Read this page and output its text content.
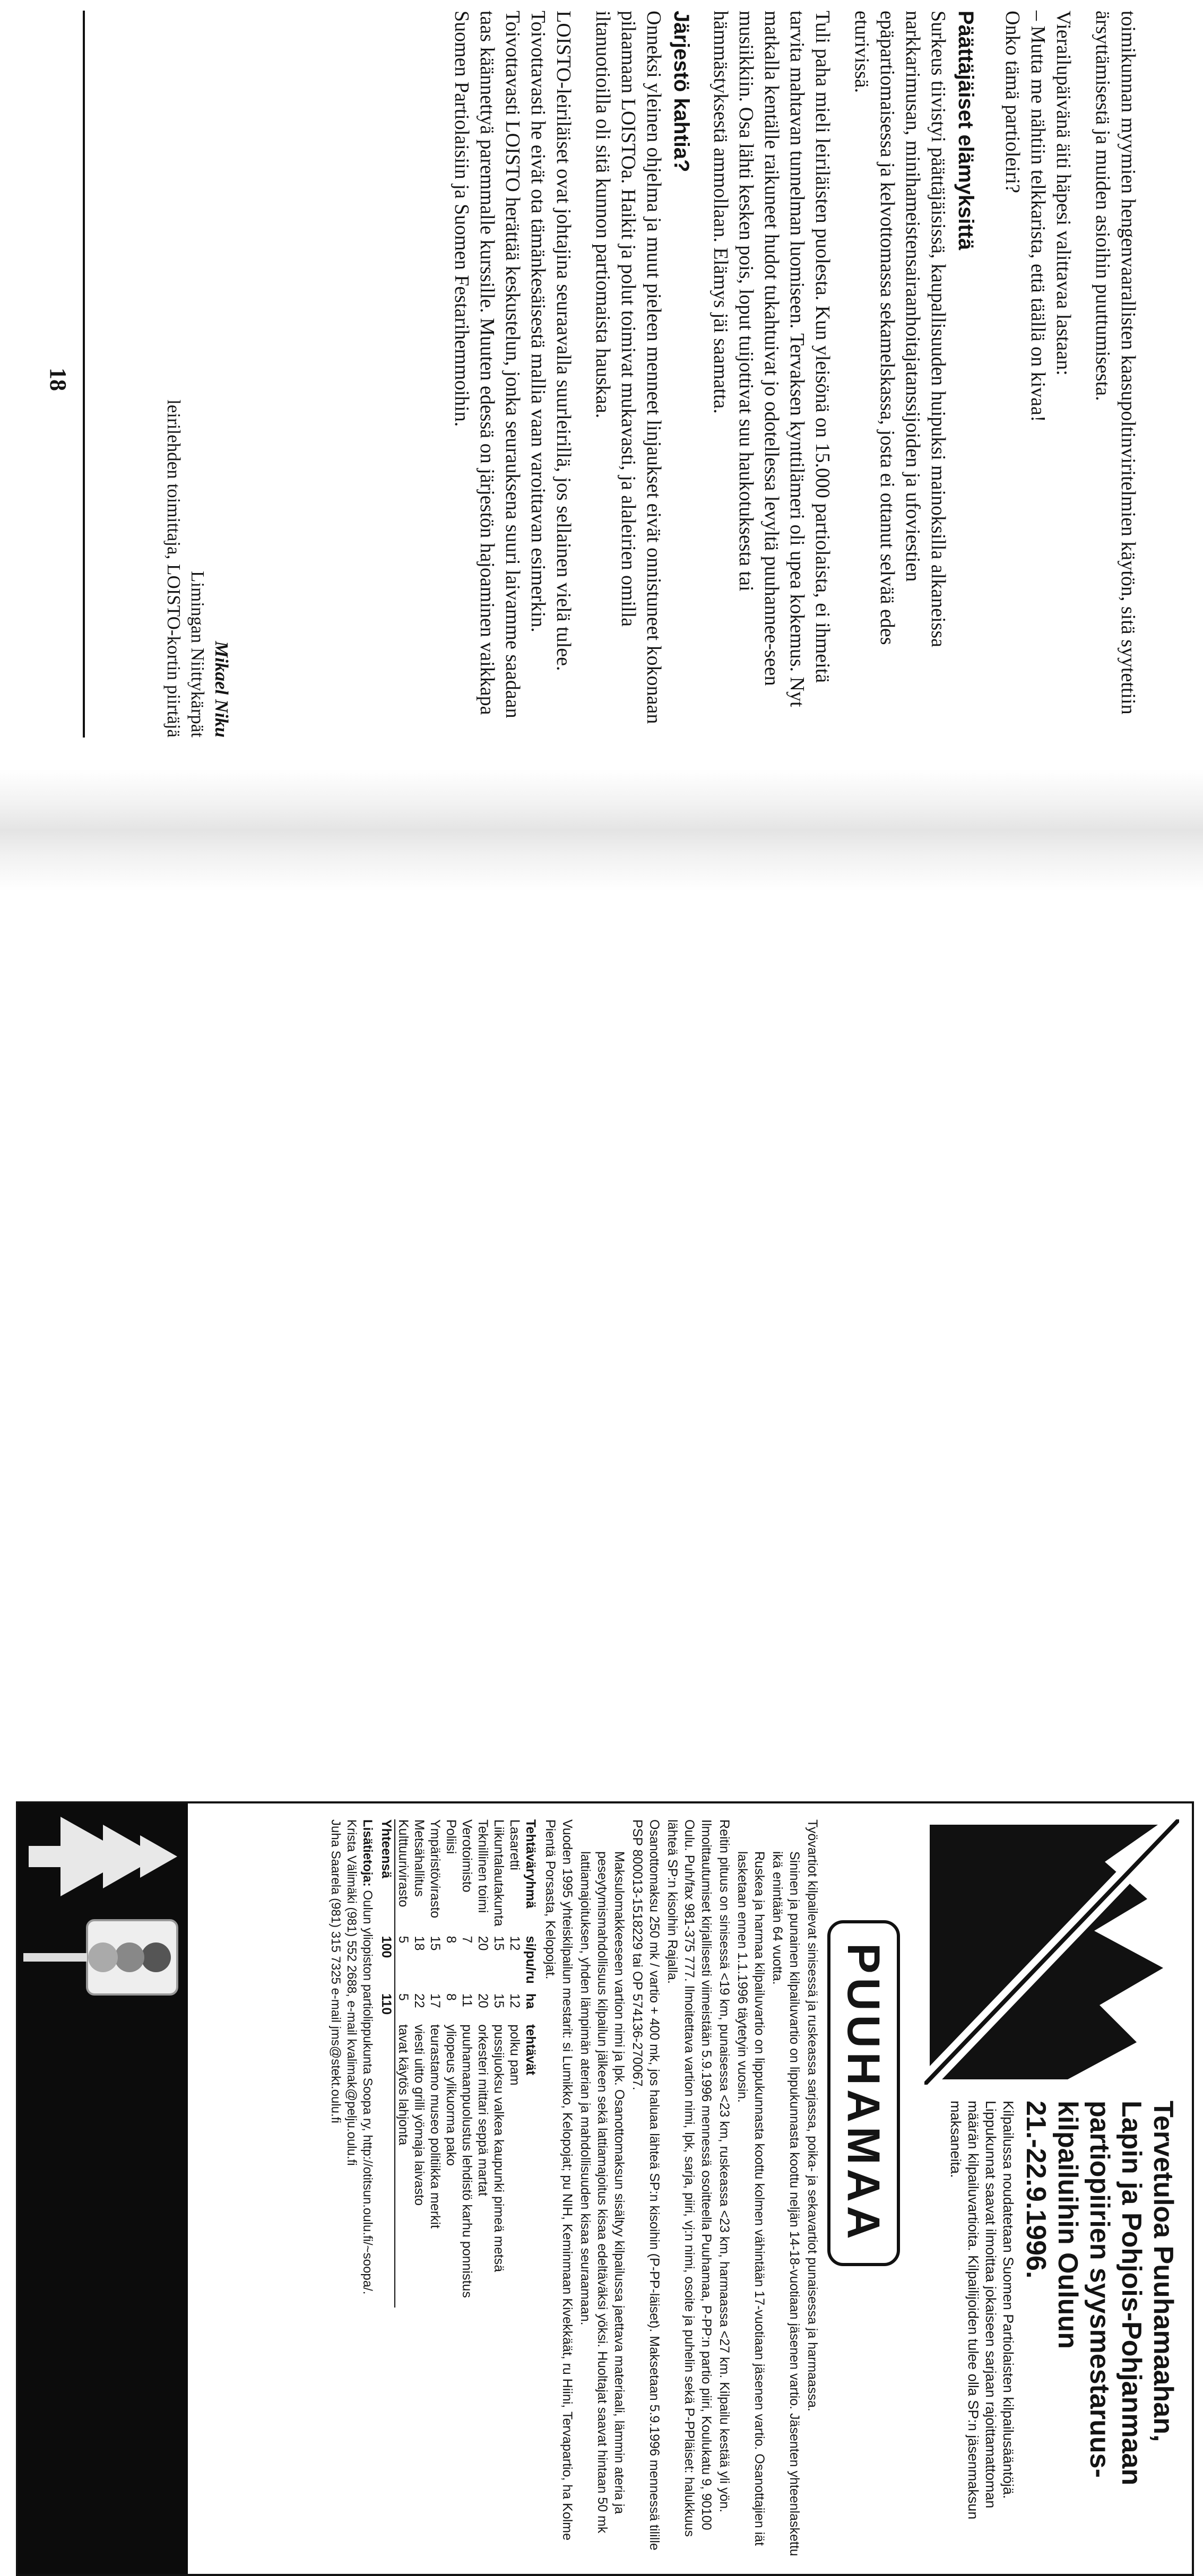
toimikunnan myymien hengenvaarallisten kaasupoltinviritelmien käytön, sitä syytettiin ärsyttämisestä ja muiden asioihin puuttumisesta.

Vierailupäivänä äiti häpesi valittavaa lastaan:

– Mutta me nähtiin telkkarista, että täällä on kivaa!

Onko tämä partioleiri?

Päättäjäiset elämyksittä

Surkeus tiivistyi päättäjäisissä, kaupallisuuden huipuksi mainoksilla alkaneissa narkkarimusan, minihameistensairaanhoitajatanssijoiden ja ufoviestien epäpartiomaisessa ja kelvottomassa sekamelskassa, josta ei ottanut selvää edes eturivissä.

Tuli paha mieli leiriläisten puolesta. Kun yleisönä on 15.000 partiolaista, ei ihmeitä tarvita mahtavan tunnelman luomiseen. Tervaksen kynttilämeri oli upea kokemus. Nyt matkalla kentälle raikuneet hudot tukahtuivat jo odotellessa levyltä puuhannee-seen musiikkiin. Osa lähti kesken pois, loput tuijottivat suu haukotuksesta tai hämmästyksestä ammollaan. Elämys jäi saamatta.

Järjestö kahtia?

Onneksi yleinen ohjelma ja muut pieleen menneet linjaukset eivät onnistuneet kokonaan pilaamaan LOISTOa. Haikit ja polut toimivat mukavasti, ja alaleirien omilla iltanuotioilla oli sitä kunnon partiomaista hauskaa.

LOISTO-leiriläiset ovat johtajina seuraavalla suurleirillä, jos sellainen vielä tulee. Toivottavasti he eivät ota tämänkesäisestä mallia vaan varoittavan esimerkin. Toivottavasti LOISTO herättää keskustelun, jonka seurauksena suuri laivamme saadaan taas käännettyä paremmalle kurssille. Muuten edessä on järjestön hajoaminen vaikkapa Suomen Partiolaisiin ja Suomen Festarihemmoihin.

Mikael Niku
Limingan Niittykärpät
leirilehden toimittaja, LOISTO-kortin piirtäjä
18
Tervetuloa Puuhamaahan,
Lapin ja Pohjois-Pohjanmaan
partiopiirien syysmestaruus-
kilpailuihin Ouluun
21.-22.9.1996.

Kilpailussa noudatetaan Suomen Partiolaisten kilpailusääntöjä. Lippukunnat saavat ilmoittaa jokaiseen sarjaan rajoittamattoman määrän kilpailuvartioita. Kilpailijoiden tulee olla SP:n jäsenmaksun maksaneita.

PUUHAMAA

Työvartiot kilpailevat sinisessä ja ruskeassa sarjassa, poika- ja sekavartiot punaisessa ja harmaassa.

Sininen ja punainen kilpailuvartio on lippukunnasta koottu neljän 14-18-vuotiaan jäsenen vartio. Jäsenten yhteenlaskettu ikä enintään 64 vuotta.

Ruskea ja harmaa kilpailuvartio on lippukunnasta koottu kolmen vähintään 17-vuotiaan jäsenen vartio. Osanottajien iät lasketaan ennen 1.1.1996 täytetyin vuosin.

Reitin pituus on sinisessä <19 km, punaisessa <23 km, ruskeassa <23 km, harmaassa <27 km. Kilpailu kestää yli yön.

Ilmoittautumiset kirjallisesti viimeistään 5.9.1996 mennessä osoitteella Puuhamaa, P-PP:n partio piiri, Koulukatu 9, 90100 Oulu. Puh/fax 981-375 777. Ilmoitettava vartion nimi, lpk, sarja, piiri, vj:n nimi, osoite ja puhelin sekä P-PPläiset: halukkuus lähteä SP:n kisoihin Rajalla.

Osanottomaksu 250 mk / vartio + 400 mk, jos haluaa lähteä SP:n kisoihin (P-PP-läiset). Maksetaan 5.9.1996 mennessä tilille PSP 800013-1518229 tai OP 574136-270067.

Maksulomakkeeseen vartion nimi ja lpk. Osanottomaksun sisältyy kilpailussa jaettava materiaali, lämmin ateria ja peseytymismahdollisuus kilpailun jälkeen sekä lattiamajoitus kisaa edeltäväksi yöksi. Huoltajat saavat hintaan 50 mk lattiamajoituksen, yhden lämpimän aterian ja mahdollisuuden kisaa seuraamaan.

Vuoden 1995 yhteiskilpailun mestarit: si Lumikko, Kelopojat; pu NIH, Keminmaan Kivekkäät, ru Hiini, Tervapartio, ha Kolme Pientä Porsasta, Kelopojat.

Tehtäväryhmä	si/pu/ru	ha	tehtävät
Lasaretti	12	12	polku pam
Liikuntalautakunta	15	15	pussijuoksu valkea kaupunki pimeä metsä
Teknillinen toimi	20	20	orkesteri mittari seppä martat
Verotoimisto	7	11	puuhamaanpuolustus lehdistö karhu ponnistus
Poliisi	8	8	yliopeus ylikuorma pako
Ympäristövirasto	15	17	teurastamo museo politiikka merkit
Metsähallitus	18	22	viesti uitto grilli yömaja laivasto
Kulttuurivirasto	5	5	tavat käytös lahjonta
Yhteensä	100	110	
Lisätietoja: Oulun yliopiston partiolippukunta Soopa ry, http://otitsun.oulu.fi/~soopa/.
Krista Välimäki (981) 552 2688, e-mail kvalimak@pelju.oulu.fi
Juha Saarela (981) 315 7325 e-mail jms@stekt.oulu.fi
